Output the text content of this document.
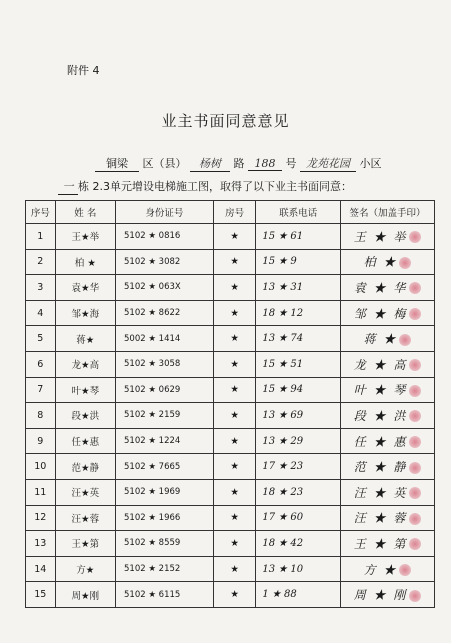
附件 4
业主书面同意意见
铜梁 区（县） 杨树 路 188 号 龙苑花园 小区
一 栋 2.3单元增设电梯施工图，取得了以下业主书面同意：
序号	姓 名	身份证号	房号	联系电话	签名（加盖手印）
1	王★举	5102 ★ 0816	★	15 ★ 61	王 ★ 举
2	柏 ★	5102 ★ 3082	★	15 ★ 9	柏 ★
3	袁★华	5102 ★ 063X	★	13 ★ 31	袁 ★ 华
4	邹★海	5102 ★ 8622	★	18 ★ 12	邹 ★ 梅
5	蒋★	5002 ★ 1414	★	13 ★ 74	蒋 ★
6	龙★高	5102 ★ 3058	★	15 ★ 51	龙 ★ 高
7	叶★琴	5102 ★ 0629	★	15 ★ 94	叶 ★ 琴
8	段★洪	5102 ★ 2159	★	13 ★ 69	段 ★ 洪
9	任★惠	5102 ★ 1224	★	13 ★ 29	任 ★ 惠
10	范★静	5102 ★ 7665	★	17 ★ 23	范 ★ 静
11	汪★英	5102 ★ 1969	★	18 ★ 23	汪 ★ 英
12	汪★蓉	5102 ★ 1966	★	17 ★ 60	汪 ★ 蓉
13	王★第	5102 ★ 8559	★	18 ★ 42	王 ★ 第
14	方★	5102 ★ 2152	★	13 ★ 10	方 ★
15	周★刚	5102 ★ 6115	★	1 ★ 88	周 ★ 刚
